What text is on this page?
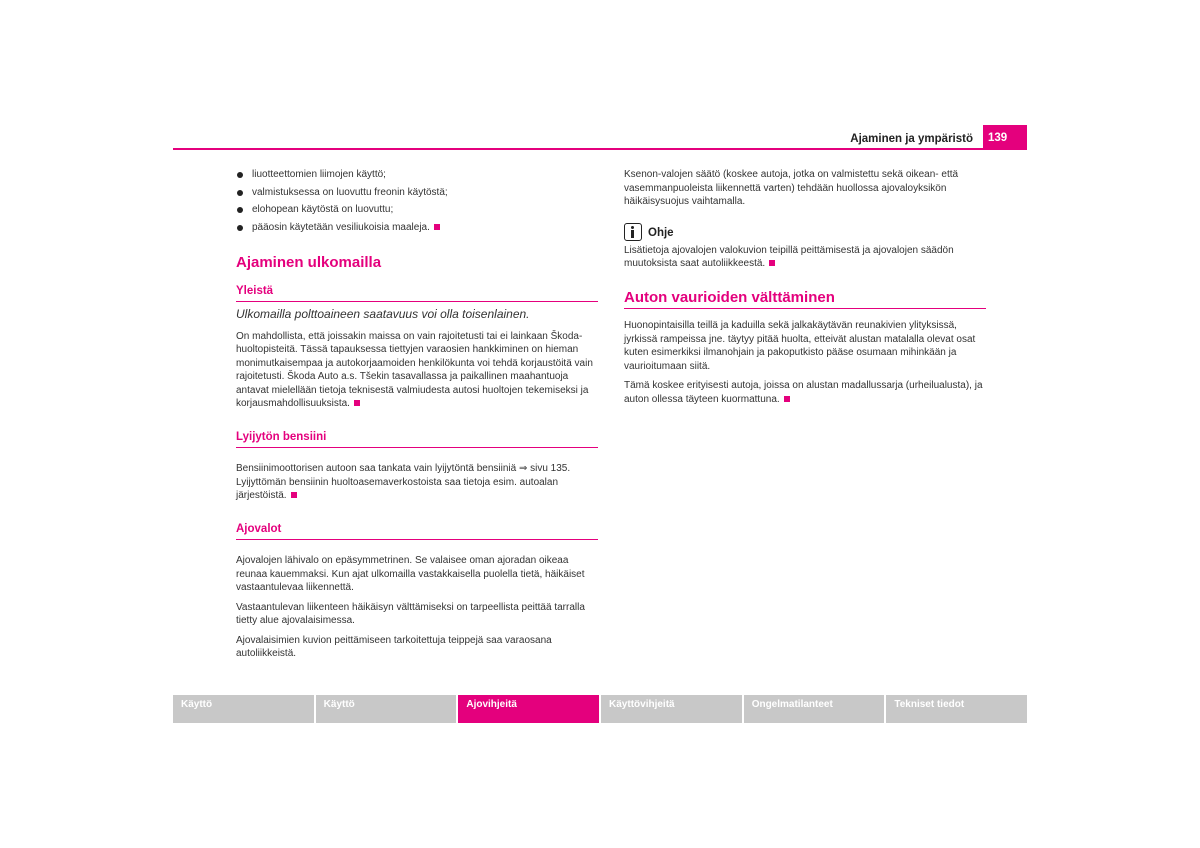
Ajaminen ja ympäristö	139
liuotteettomien liimojen käyttö;
valmistuksessa on luovuttu freonin käytöstä;
elohopean käytöstä on luovuttu;
pääosin käytetään vesiliukoisia maaleja.
Ajaminen ulkomailla
Yleistä
Ulkomailla polttoaineen saatavuus voi olla toisenlainen.

On mahdollista, että joissakin maissa on vain rajoitetusti tai ei lainkaan Škoda-huoltopisteitä. Tässä tapauksessa tiettyjen varaosien hankkiminen on hieman monimutkaisempaa ja autokorjaamoiden henkilökunta voi tehdä korjaustöitä vain rajoitetusti. Škoda Auto a.s. Tšekin tasavallassa ja paikallinen maahantuoja antavat mielellään tietoja teknisestä valmiudesta autosi huoltojen tekemiseksi ja korjausmahdollisuuksista.

Lyijytön bensiini

Bensiinimoottorisen autoon saa tankata vain lyijytöntä bensiiniä ⇒ sivu 135. Lyijyttömän bensiinin huoltoasemaverkostoista saa tietoja esim. autoalan järjestöistä.

Ajovalot

Ajovalojen lähivalo on epäsymmetrinen. Se valaisee oman ajoradan oikeaa reunaa kauemmaksi. Kun ajat ulkomailla vastakkaisella puolella tietä, häikäiset vastaantulevaa liikennettä.

Vastaantulevan liikenteen häikäisyn välttämiseksi on tarpeellista peittää tarralla tietty alue ajovalaisimessa.

Ajovalaisimien kuvion peittämiseen tarkoitettuja teippejä saa varaosana autoliikkeistä.

Ksenon-valojen säätö (koskee autoja, jotka on valmistettu sekä oikean- että vasemmanpuoleista liikennettä varten) tehdään huollossa ajovaloyksikön häikäisysuojus vaihtamalla.

Ohje

Lisätietoja ajovalojen valokuvion teipillä peittämisestä ja ajovalojen säädön muutoksista saat autoliikkeestä.

Auton vaurioiden välttäminen

Huonopintaisilla teillä ja kaduilla sekä jalkakäytävän reunakivien ylityksissä, jyrkissä rampeissa jne. täytyy pitää huolta, etteivät alustan matalalla olevat osat kuten esimerkiksi ilmanohjain ja pakoputkisto pääse osumaan mihinkään ja vaurioitumaan siitä.

Tämä koskee erityisesti autoja, joissa on alustan madallussarja (urheilualusta), ja auton ollessa täyteen kuormattuna.

Käyttö	Käyttö	Ajovihjeitä	Käyttövihjeitä	Ongelmatilanteet	Tekniset tiedot
